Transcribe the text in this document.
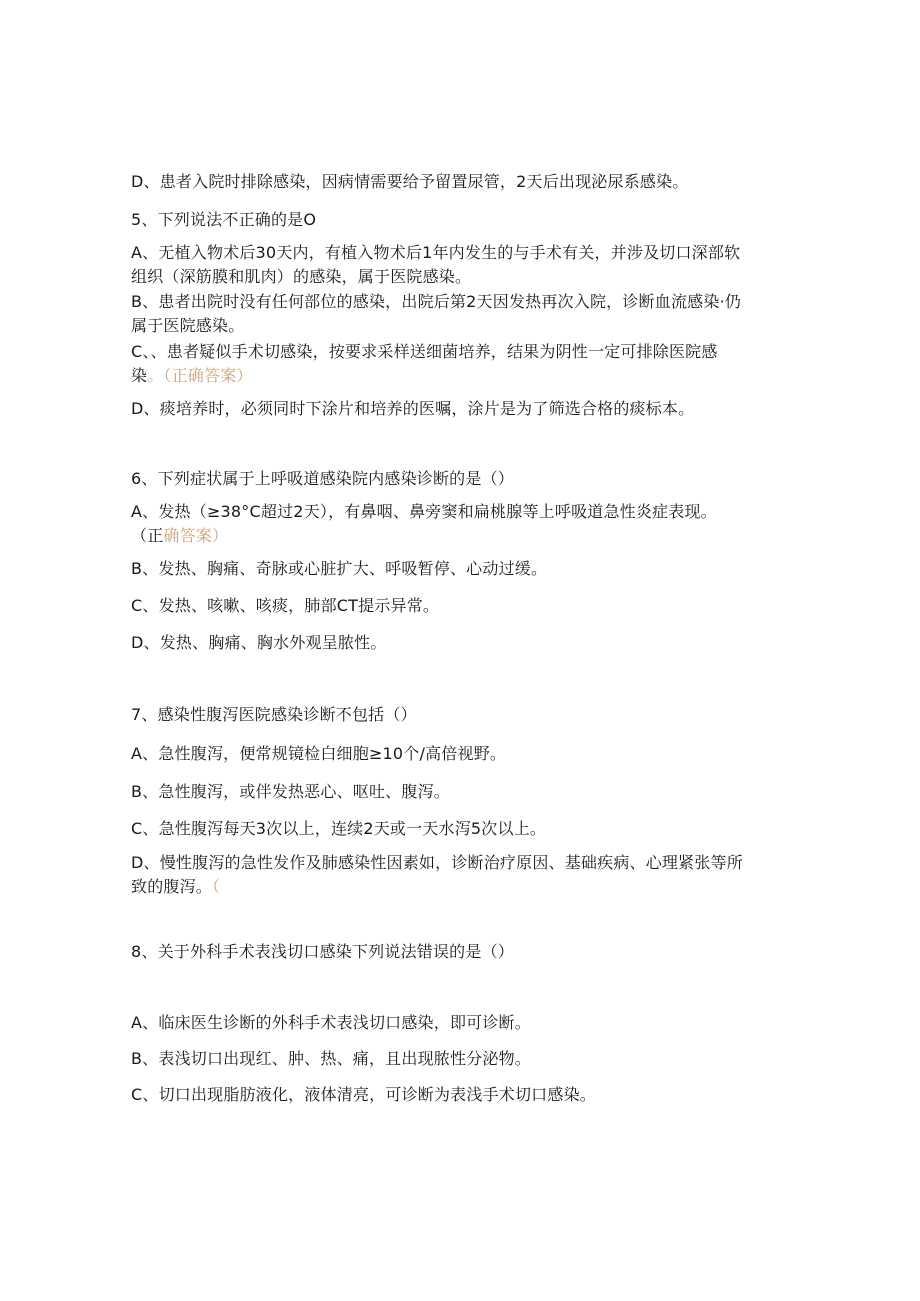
D、患者入院时排除感染，因病情需要给予留置尿管，2天后出现泌尿系感染。
5、下列说法不正确的是O
A、无植入物术后30天内，有植入物术后1年内发生的与手术有关，并涉及切口深部软
组织（深筋膜和肌肉）的感染，属于医院感染。
B、患者出院时没有任何部位的感染，出院后第2天因发热再次入院，诊断血流感染·仍
属于医院感染。
C、、患者疑似手术切感染，按要求采样送细菌培养，结果为阴性一定可排除医院感
染。（正确答案）
D、痰培养时，必须同时下涂片和培养的医嘱，涂片是为了筛选合格的痰标本。
6、下列症状属于上呼吸道感染院内感染诊断的是（）
A、发热（≥38°C超过2天），有鼻咽、鼻旁窦和扁桃腺等上呼吸道急性炎症表现。
（正确答案）
B、发热、胸痛、奇脉或心脏扩大、呼吸暂停、心动过缓。
C、发热、咳嗽、咳痰，肺部CT提示异常。
D、发热、胸痛、胸水外观呈脓性。
7、感染性腹泻医院感染诊断不包括（）
A、急性腹泻，便常规镜检白细胞≥10个/高倍视野。
B、急性腹泻，或伴发热恶心、呕吐、腹泻。
C、急性腹泻每天3次以上，连续2天或一天水泻5次以上。
D、慢性腹泻的急性发作及肺感染性因素如，诊断治疗原因、基础疾病、心理紧张等所
致的腹泻。（
8、关于外科手术表浅切口感染下列说法错误的是（）
A、临床医生诊断的外科手术表浅切口感染，即可诊断。
B、表浅切口出现红、肿、热、痛，且出现脓性分泌物。
C、切口出现脂肪液化，液体清亮，可诊断为表浅手术切口感染。
